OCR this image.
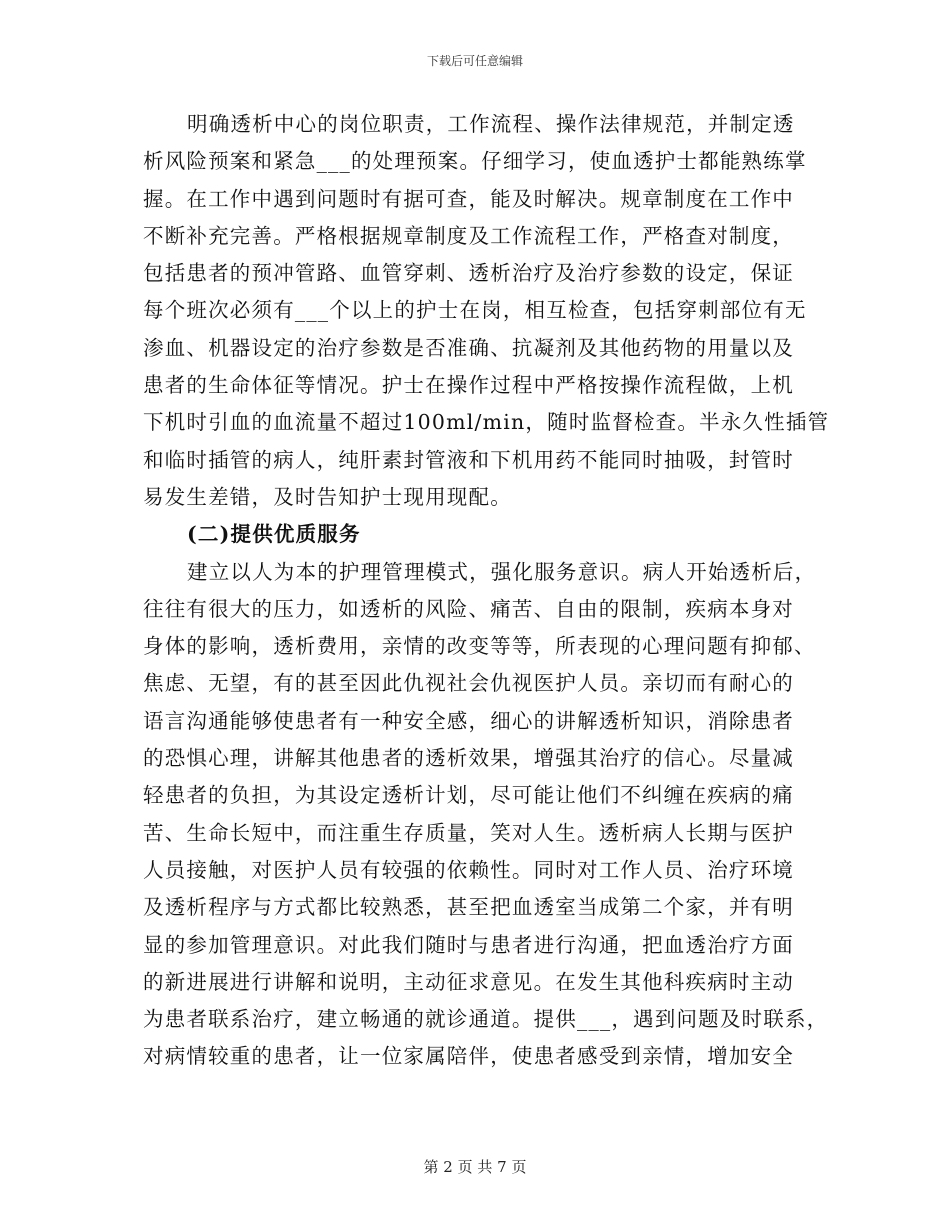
下载后可任意编辑
明确透析中心的岗位职责，工作流程、操作法律规范，并制定透
析风险预案和紧急___的处理预案。仔细学习，使血透护士都能熟练掌
握。在工作中遇到问题时有据可查，能及时解决。规章制度在工作中
不断补充完善。严格根据规章制度及工作流程工作，严格查对制度，
包括患者的预冲管路、血管穿刺、透析治疗及治疗参数的设定，保证
每个班次必须有___个以上的护士在岗，相互检查，包括穿刺部位有无
渗血、机器设定的治疗参数是否准确、抗凝剂及其他药物的用量以及
患者的生命体征等情况。护士在操作过程中严格按操作流程做，上机
下机时引血的血流量不超过100ml/min，随时监督检查。半永久性插管
和临时插管的病人，纯肝素封管液和下机用药不能同时抽吸，封管时
易发生差错，及时告知护士现用现配。
(二)提供优质服务
建立以人为本的护理管理模式，强化服务意识。病人开始透析后，
往往有很大的压力，如透析的风险、痛苦、自由的限制，疾病本身对
身体的影响，透析费用，亲情的改变等等，所表现的心理问题有抑郁、
焦虑、无望，有的甚至因此仇视社会仇视医护人员。亲切而有耐心的
语言沟通能够使患者有一种安全感，细心的讲解透析知识，消除患者
的恐惧心理，讲解其他患者的透析效果，增强其治疗的信心。尽量减
轻患者的负担，为其设定透析计划，尽可能让他们不纠缠在疾病的痛
苦、生命长短中，而注重生存质量，笑对人生。透析病人长期与医护
人员接触，对医护人员有较强的依赖性。同时对工作人员、治疗环境
及透析程序与方式都比较熟悉，甚至把血透室当成第二个家，并有明
显的参加管理意识。对此我们随时与患者进行沟通，把血透治疗方面
的新进展进行讲解和说明，主动征求意见。在发生其他科疾病时主动
为患者联系治疗，建立畅通的就诊通道。提供___，遇到问题及时联系，
对病情较重的患者，让一位家属陪伴，使患者感受到亲情，增加安全
第 2 页 共 7 页
